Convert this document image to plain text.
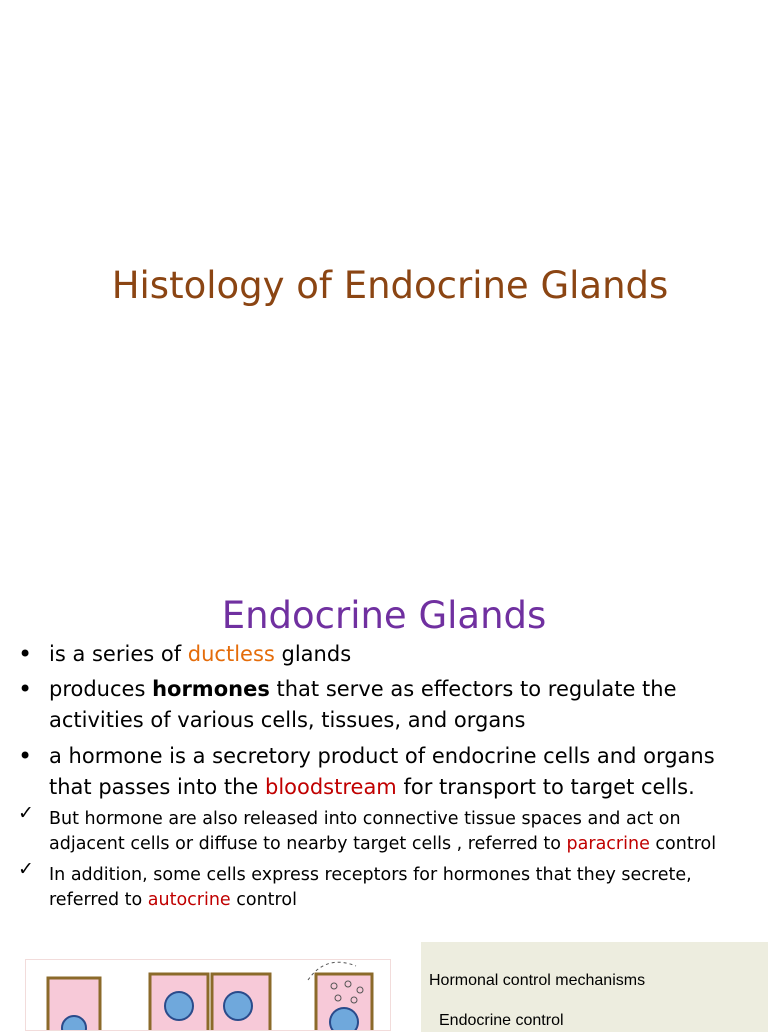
Histology of Endocrine Glands
Endocrine Glands
• is a series of ductless glands
• produces hormones that serve as effectors to regulate the activities of various cells, tissues, and organs
• a hormone is a secretory product of endocrine cells and organs that passes into the bloodstream for transport to target cells.
✓ But hormone are also released into connective tissue spaces and act on adjacent cells or diffuse to nearby target cells , referred to paracrine control
✓ In addition, some cells express receptors for hormones that they secrete, referred to autocrine control
Hormonal control mechanisms
Endocrine control
